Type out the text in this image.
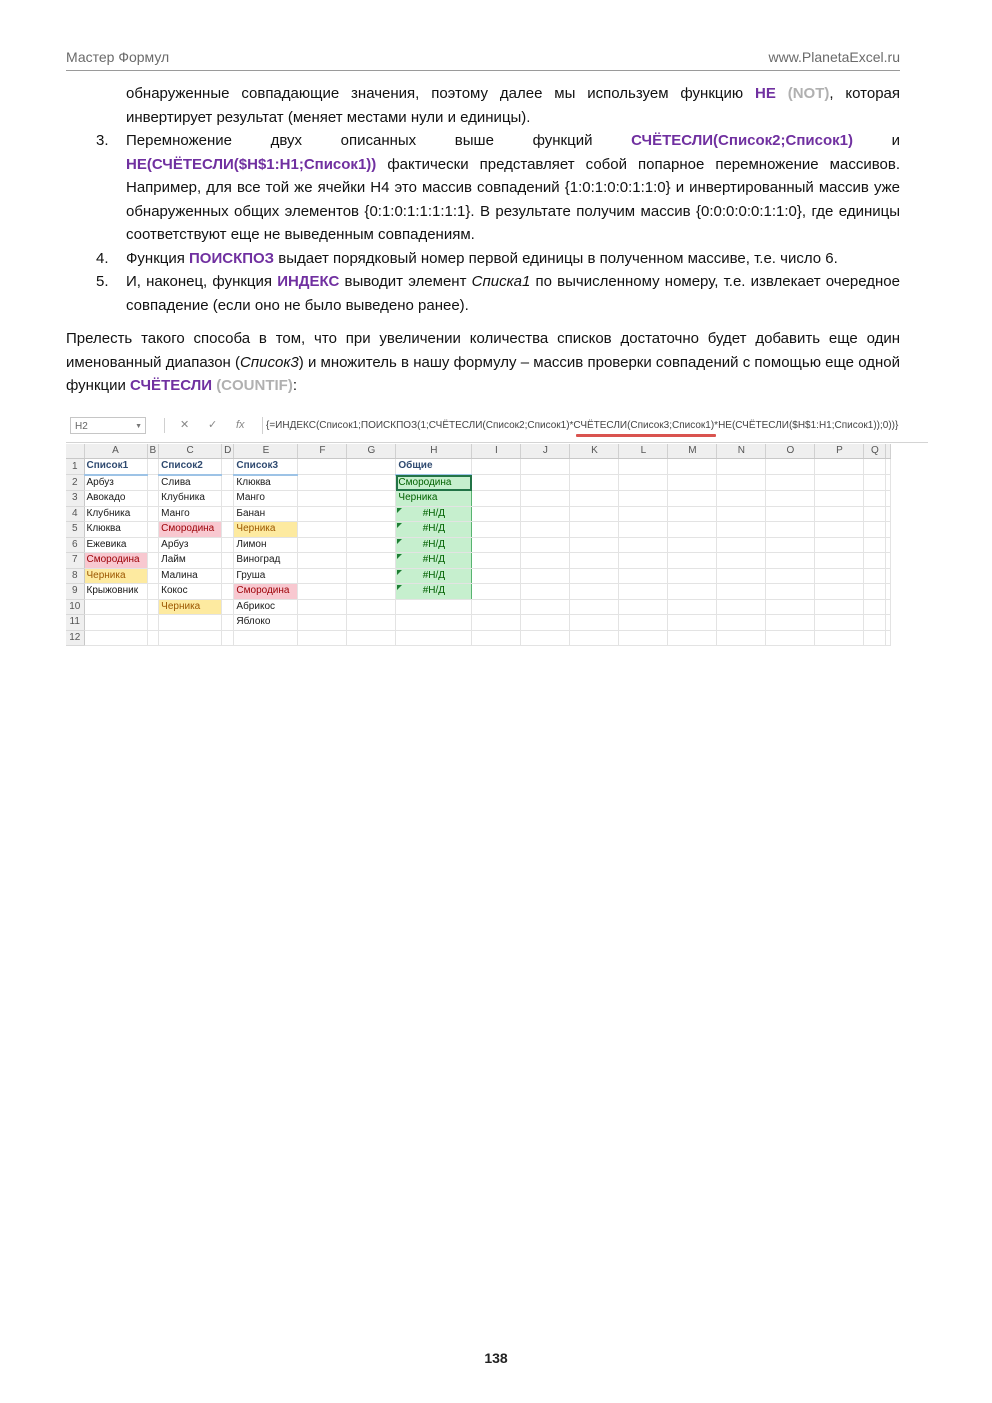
Мастер Формул	www.PlanetaExcel.ru
обнаруженные совпадающие значения, поэтому далее мы используем функцию НЕ (NOT), которая инвертирует результат (меняет местами нули и единицы).
3. Перемножение двух описанных выше функций СЧЁТЕСЛИ(Список2;Список1) и НЕ(СЧЁТЕСЛИ($H$1:H1;Список1)) фактически представляет собой попарное перемножение массивов. Например, для все той же ячейки H4 это массив совпадений {1:0:1:0:0:1:1:0} и инвертированный массив уже обнаруженных общих элементов {0:1:0:1:1:1:1:1}. В результате получим массив {0:0:0:0:0:1:1:0}, где единицы соответствуют еще не выведенным совпадениям.
4. Функция ПОИСКПОЗ выдает порядковый номер первой единицы в полученном массиве, т.е. число 6.
5. И, наконец, функция ИНДЕКС выводит элемент Списка1 по вычисленному номеру, т.е. извлекает очередное совпадение (если оно не было выведено ранее).

Прелесть такого способа в том, что при увеличении количества списков достаточно будет добавить еще один именованный диапазон (Список3) и множитель в нашу формулу – массив проверки совпадений с помощью еще одной функции СЧЁТЕСЛИ (COUNTIF):

H2	▼	✕ ✓ fx	{=ИНДЕКС(Список1;ПОИСКПОЗ(1;СЧЁТЕСЛИ(Список2;Список1)*СЧЁТЕСЛИ(Список3;Список1)*НЕ(СЧЁТЕСЛИ($H$1:H1;Список1));0))}
	A	B	C	D	E	F	G	H	I	J	K	L	M	N	O	P	Q	
1	Список1		Список2		Список3			Общие										
2	Арбуз		Слива		Клюква			Смородина										
3	Авокадо		Клубника		Манго			Черника										
4	Клубника		Манго		Банан			#Н/Д										
5	Клюква		Смородина		Черника			#Н/Д										
6	Ежевика		Арбуз		Лимон			#Н/Д										
7	Смородина		Лайм		Виноград			#Н/Д										
8	Черника		Малина		Груша			#Н/Д										
9	Крыжовник		Кокос		Смородина			#Н/Д										
10			Черника		Абрикос													
11					Яблоко													
12																		
138
